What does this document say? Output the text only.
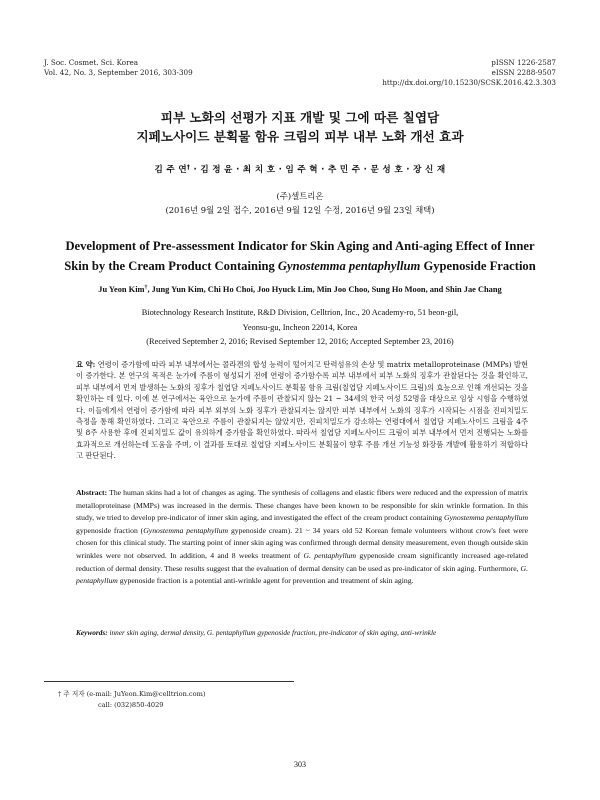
J. Soc. Cosmet. Sci. Korea
Vol. 42, No. 3, September 2016, 303-309
pISSN 1226-2587
eISSN 2288-9507
http://dx.doi.org/10.15230/SCSK.2016.42.3.303
피부 노화의 선평가 지표 개발 및 그에 따른 칠엽담
지페노사이드 분획물 함유 크림의 피부 내부 노화 개선 효과
김 주 연† · 김 정 윤 · 최 치 호 · 임 주 혁 · 추 민 주 · 문 성 호 · 장 신 재
(주)셀트리온
(2016년 9월 2일 접수, 2016년 9월 12일 수정, 2016년 9월 23일 채택)
Development of Pre-assessment Indicator for Skin Aging and Anti-aging Effect of Inner
Skin by the Cream Product Containing Gynostemma pentaphyllum Gypenoside Fraction
Ju Yeon Kim†, Jung Yun Kim, Chi Ho Choi, Joo Hyuck Lim, Min Joo Choo, Sung Ho Moon, and Shin Jae Chang
Biotechnology Research Institute, R&D Division, Celltrion, Inc., 20 Academy-ro, 51 beon-gil,
Yeonsu-gu, Incheon 22014, Korea
(Received September 2, 2016; Revised September 12, 2016; Accepted September 23, 2016)
요 약: 연령이 증가함에 따라 피부 내부에서는 콜라겐의 합성 능력이 떨어지고 탄력섬유의 손상 및 matrix metalloproteinase (MMPs) 발현이 증가한다. 본 연구의 목적은 눈가에 주름이 형성되기 전에 연령이 증가함수록 피부 내부에서 피부 노화의 징후가 관찰된다는 것을 확인하고, 피부 내부에서 먼저 발생하는 노화의 징후가 칠엽담 지페노사이드 분획물 함유 크림(칠엽담 지페노사이드 크림)의 효능으로 인해 개선되는 것을 확인하는 데 있다. 이에 본 연구에서는 육안으로 눈가에 주름이 관찰되지 않는 21 ~ 34세의 한국 여성 52명을 대상으로 임상 시험을 수행하였다. 이들에게서 연령이 증가함에 따라 피부 외부의 노화 징후가 관찰되지는 않지만 피부 내부에서 노화의 징후가 시작되는 시점을 진피치밀도 측정을 통해 확인하였다. 그리고 육안으로 주름이 관찰되지는 않았지만, 진피치밀도가 감소하는 연령대에서 칠엽담 지페노사이드 크림을 4주 및 8주 사용한 후에 진피치밀도 값이 유의하게 증가함을 확인하였다. 따라서 칠엽담 지페노사이드 크림이 피부 내부에서 먼저 진행되는 노화를 효과적으로 개선하는데 도움을 주며, 이 결과를 토대로 칠엽담 지페노사이드 분획물이 향후 주름 개선 기능성 화장품 개발에 활용하기 적합하다고 판단된다.
Abstract: The human skins had a lot of changes as aging. The synthesis of collagens and elastic fibers were reduced and the expression of matrix metalloproteinase (MMPs) was increased in the dermis. These changes have been known to be responsible for skin wrinkle formation. In this study, we tried to develop pre-indicator of inner skin aging, and investigated the effect of the cream product containing Gynostemma pentaphyllum gypenoside fraction (Gynostemma pentaphyllum gypenoside cream). 21 ~ 34 years old 52 Korean female volunteers without crow's feet were chosen for this clinical study. The starting point of inner skin aging was confirmed through dermal density measurement, even though outside skin wrinkles were not observed. In addition, 4 and 8 weeks treatment of G. pentaphyllum gypenoside cream significantly increased age-related reduction of dermal density. These results suggest that the evaluation of dermal density can be used as pre-indicator of skin aging. Furthermore, G. pentaphyllum gypenoside fraction is a potential anti-wrinkle agent for prevention and treatment of skin aging.
Keywords: inner skin aging, dermal density, G. pentaphyllum gypenoside fraction, pre-indicator of skin aging, anti-wrinkle
† 주 저자 (e-mail: JuYeon.Kim@celltrion.com)
call: (032)850-4029
303
